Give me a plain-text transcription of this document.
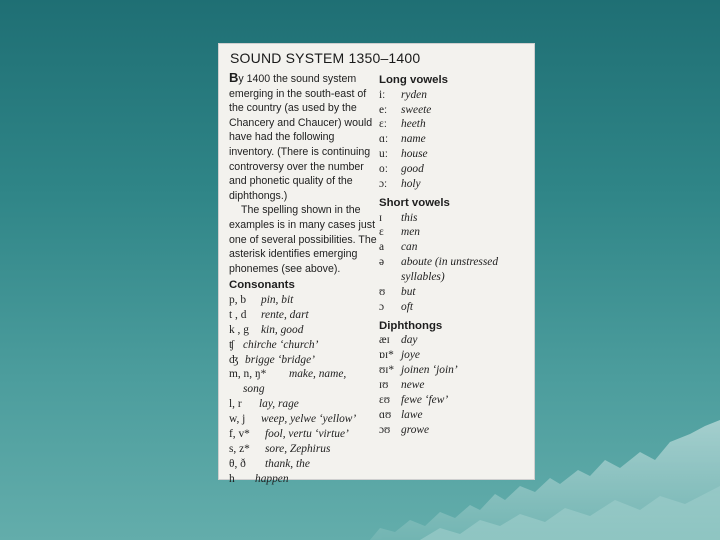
SOUND SYSTEM 1350–1400

By 1400 the sound system emerging in the south-east of the country (as used by the Chancery and Chaucer) would have had the following inventory. (There is continuing controversy over the number and phonetic quality of the diphthongs.)

The spelling shown in the examples is in many cases just one of several possibilities. The asterisk identifies emerging phonemes (see above).

Consonants
p, b	pin, bit
t , d	rente, dart
k , g	kin, good
ʧ chirche ‘church’
ʤ brigge ‘bridge’
m, n, ŋ*	make, name,
song
l, r	lay, rage
w, j	weep, yelwe ‘yellow’
f, v*	fool, vertu ‘virtue’
s, z*	sore, Zephirus
θ, ð	thank, the
h	happen
Long vowels
iː	ryden
eː	sweete
ɛː	heeth
ɑː	name
uː	house
oː	good
ɔː	holy
Short vowels
ɪ	this
ɛ	men
a	can
ə	aboute
(in unstressed
syllables)
ʊ	but
ɔ	oft
Diphthongs
æɪ day
ɒɪ* joye
ʊɪ* joinen ‘join’
ɪʊ	newe
ɛʊ fewe ‘few’
ɑʊ lawe
ɔʊ growe
